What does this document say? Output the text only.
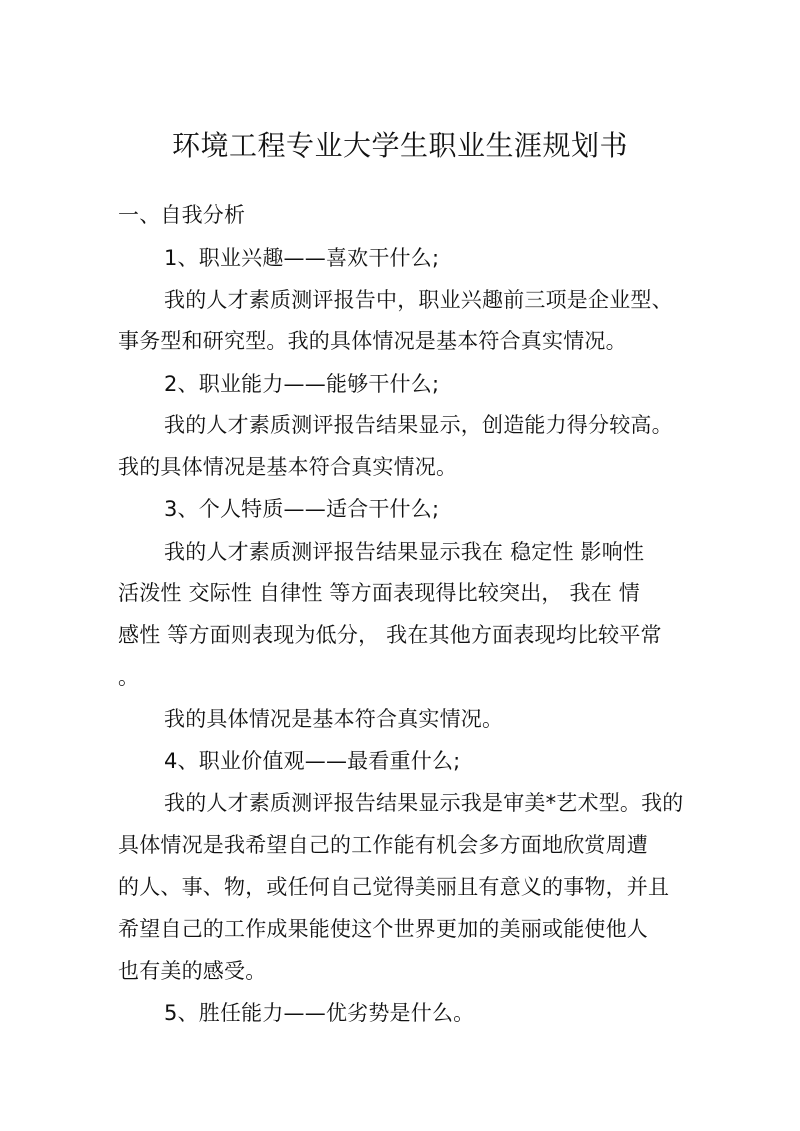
环境工程专业大学生职业生涯规划书
一、自我分析
1、职业兴趣——喜欢干什么;
我的人才素质测评报告中，职业兴趣前三项是企业型、
事务型和研究型。我的具体情况是基本符合真实情况。
2、职业能力——能够干什么;
我的人才素质测评报告结果显示，创造能力得分较高。
我的具体情况是基本符合真实情况。
3、个人特质——适合干什么;
我的人才素质测评报告结果显示我在 稳定性 影响性
活泼性 交际性 自律性 等方面表现得比较突出， 我在 情
感性 等方面则表现为低分， 我在其他方面表现均比较平常
。
我的具体情况是基本符合真实情况。
4、职业价值观——最看重什么;
我的人才素质测评报告结果显示我是审美*艺术型。我的
具体情况是我希望自己的工作能有机会多方面地欣赏周遭
的人、事、物，或任何自己觉得美丽且有意义的事物，并且
希望自己的工作成果能使这个世界更加的美丽或能使他人
也有美的感受。
5、胜任能力——优劣势是什么。
